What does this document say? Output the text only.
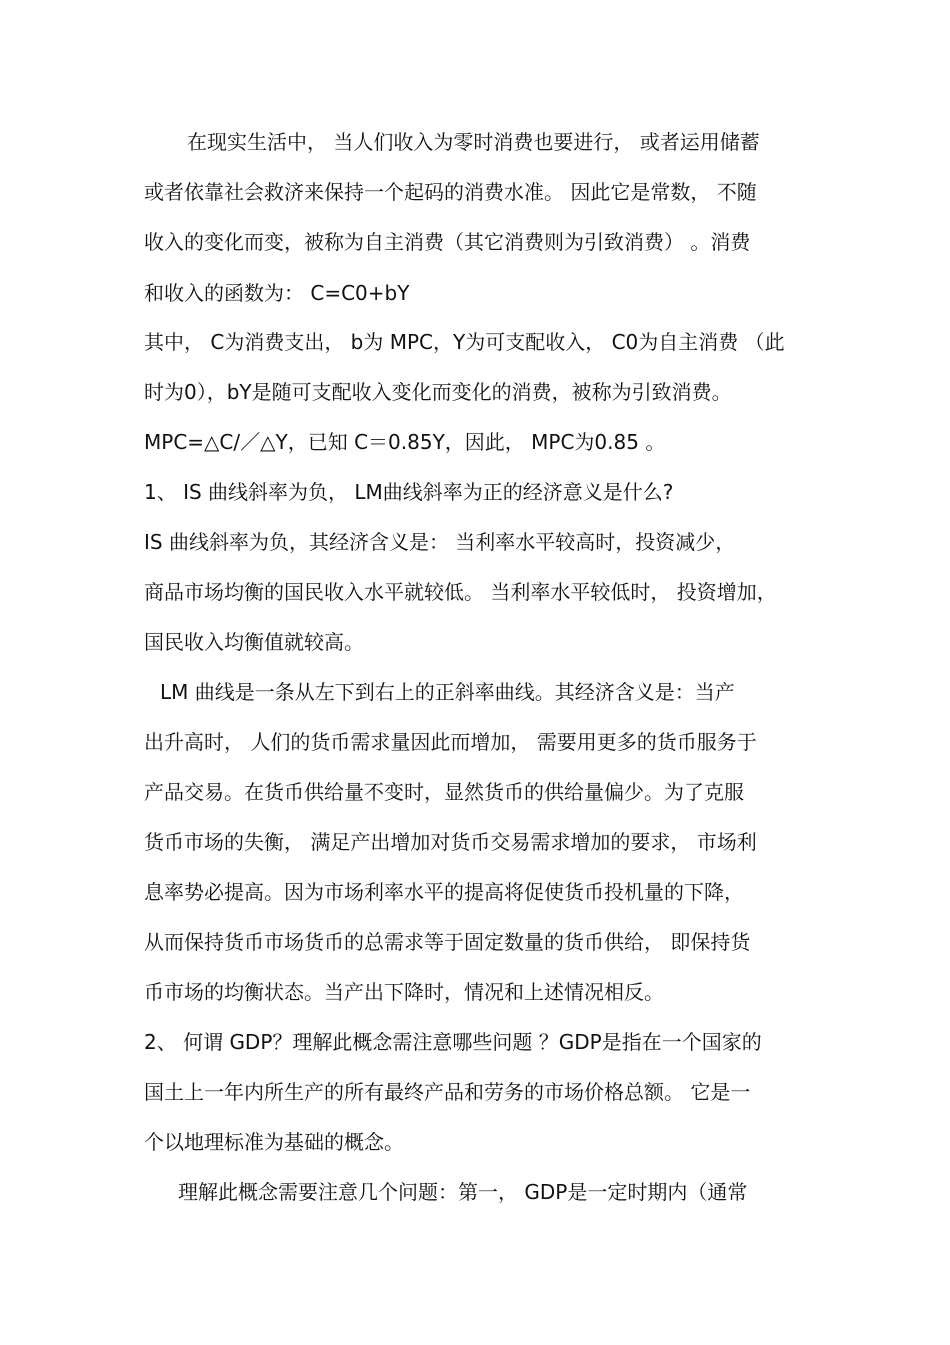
在现实生活中， 当人们收入为零时消费也要进行， 或者运用储蓄
或者依靠社会救济来保持一个起码的消费水准。 因此它是常数， 不随
收入的变化而变，被称为自主消费（其它消费则为引致消费） 。消费
和收入的函数为： C=C0+bY
其中， C为消费支出， b为 MPC，Y为可支配收入， C0为自主消费 （此
时为0），bY是随可支配收入变化而变化的消费，被称为引致消费。
MPC=△C/／△Y，已知 C＝0.85Y，因此， MPC为0.85 。
1、 IS 曲线斜率为负， LM曲线斜率为正的经济意义是什么?
IS 曲线斜率为负，其经济含义是： 当利率水平较高时，投资减少，
商品市场均衡的国民收入水平就较低。 当利率水平较低时， 投资增加，
国民收入均衡值就较高。
LM 曲线是一条从左下到右上的正斜率曲线。其经济含义是：当产
出升高时， 人们的货币需求量因此而增加， 需要用更多的货币服务于
产品交易。在货币供给量不变时，显然货币的供给量偏少。为了克服
货币市场的失衡， 满足产出增加对货币交易需求增加的要求， 市场利
息率势必提高。因为市场利率水平的提高将促使货币投机量的下降，
从而保持货币市场货币的总需求等于固定数量的货币供给， 即保持货
币市场的均衡状态。当产出下降时，情况和上述情况相反。
2、 何谓 GDP？理解此概念需注意哪些问题 ？GDP是指在一个国家的
国土上一年内所生产的所有最终产品和劳务的市场价格总额。 它是一
个以地理标准为基础的概念。
理解此概念需要注意几个问题：第一， GDP是一定时期内（通常
